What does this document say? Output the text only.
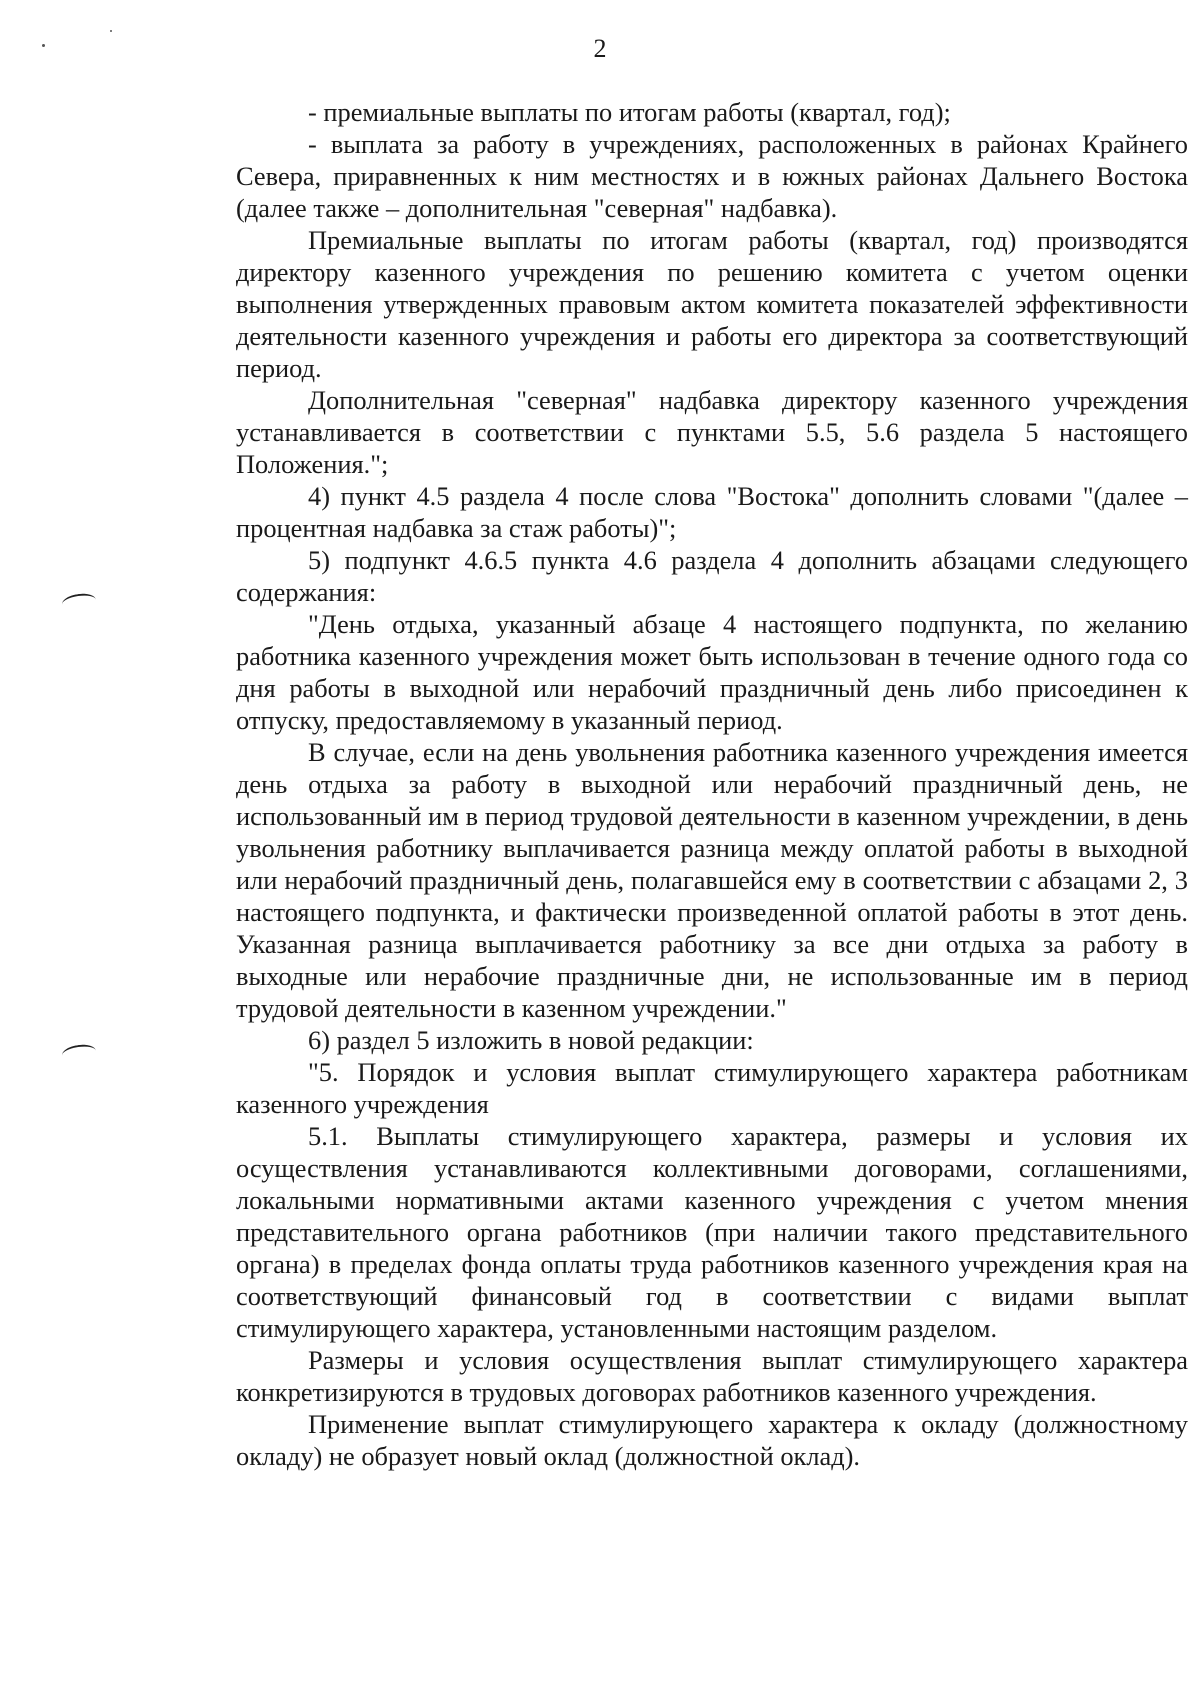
2

- премиальные выплаты по итогам работы (квартал, год);

- выплата за работу в учреждениях, расположенных в районах Крайнего Севера, приравненных к ним местностях и в южных районах Дальнего Востока (далее также – дополнительная "северная" надбавка).

Премиальные выплаты по итогам работы (квартал, год) производятся директору казенного учреждения по решению комитета с учетом оценки выполнения утвержденных правовым актом комитета показателей эффективности деятельности казенного учреждения и работы его директора за соответствующий период.

Дополнительная "северная" надбавка директору казенного учреждения устанавливается в соответствии с пунктами 5.5, 5.6 раздела 5 настоящего Положения.";

4) пункт 4.5 раздела 4 после слова "Востока" дополнить словами "(далее – процентная надбавка за стаж работы)";

5) подпункт 4.6.5 пункта 4.6 раздела 4 дополнить абзацами следующего содержания:

"День отдыха, указанный абзаце 4 настоящего подпункта, по желанию работника казенного учреждения может быть использован в течение одного года со дня работы в выходной или нерабочий праздничный день либо присоединен к отпуску, предоставляемому в указанный период.

В случае, если на день увольнения работника казенного учреждения имеется день отдыха за работу в выходной или нерабочий праздничный день, не использованный им в период трудовой деятельности в казенном учреждении, в день увольнения работнику выплачивается разница между оплатой работы в выходной или нерабочий праздничный день, полагавшейся ему в соответствии с абзацами 2, 3 настоящего подпункта, и фактически произведенной оплатой работы в этот день. Указанная разница выплачивается работнику за все дни отдыха за работу в выходные или нерабочие праздничные дни, не использованные им в период трудовой деятельности в казенном учреждении."

6) раздел 5 изложить в новой редакции:

"5. Порядок и условия выплат стимулирующего характера работникам казенного учреждения

5.1. Выплаты стимулирующего характера, размеры и условия их осуществления устанавливаются коллективными договорами, соглашениями, локальными нормативными актами казенного учреждения с учетом мнения представительного органа работников (при наличии такого представительного органа) в пределах фонда оплаты труда работников казенного учреждения края на соответствующий финансовый год в соответствии с видами выплат стимулирующего характера, установленными настоящим разделом.

Размеры и условия осуществления выплат стимулирующего характера конкретизируются в трудовых договорах работников казенного учреждения.

Применение выплат стимулирующего характера к окладу (должностному окладу) не образует новый оклад (должностной оклад).
